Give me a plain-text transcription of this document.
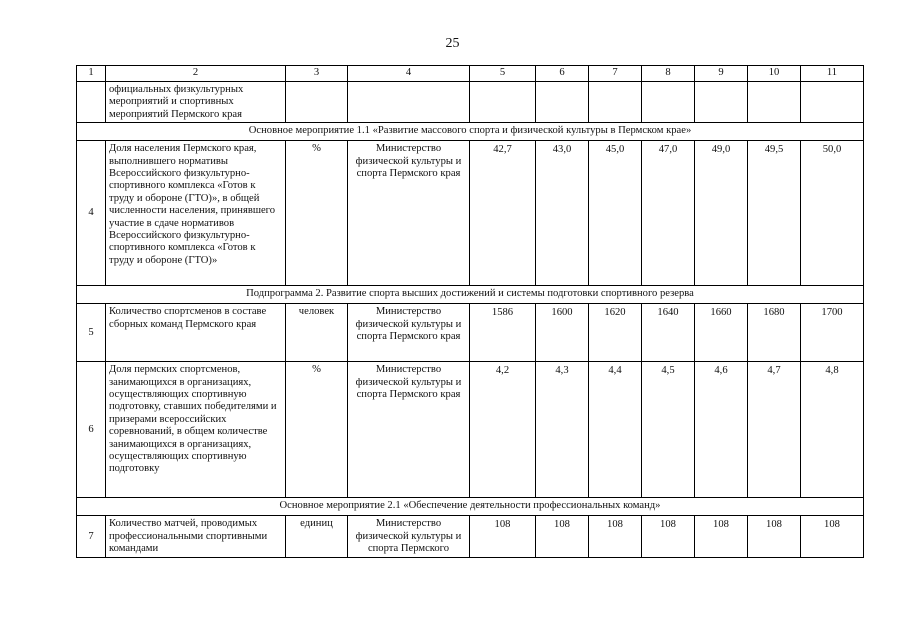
25
1	2	3	4	5	6	7	8	9	10	11
	официальных физкультурных мероприятий и спортивных мероприятий Пермского края									
Основное мероприятие 1.1 «Развитие массового спорта и физической культуры в Пермском крае»										
4	Доля населения Пермского края, выполнившего нормативы Всероссийского физкультурно-спортивного комплекса «Готов к труду и обороне (ГТО)», в общей численности населения, принявшего участие в сдаче нормативов Всероссийского физкультурно-спортивного комплекса «Готов к труду и обороне (ГТО)»	%	Министерство физической культуры и спорта Пермского края	42,7	43,0	45,0	47,0	49,0	49,5	50,0
Подпрограмма 2. Развитие спорта высших достижений и системы подготовки спортивного резерва										
5	Количество спортсменов в составе сборных команд Пермского края	человек	Министерство физической культуры и спорта Пермского края	1586	1600	1620	1640	1660	1680	1700
6	Доля пермских спортсменов, занимающихся в организациях, осуществляющих спортивную подготовку, ставших победителями и призерами всероссийских соревнований, в общем количестве занимающихся в организациях, осуществляющих спортивную подготовку	%	Министерство физической культуры и спорта Пермского края	4,2	4,3	4,4	4,5	4,6	4,7	4,8
Основное мероприятие 2.1 «Обеспечение деятельности профессиональных команд»										
7	Количество матчей, проводимых профессиональными спортивными командами	единиц	Министерство физической культуры и спорта Пермского	108	108	108	108	108	108	108
